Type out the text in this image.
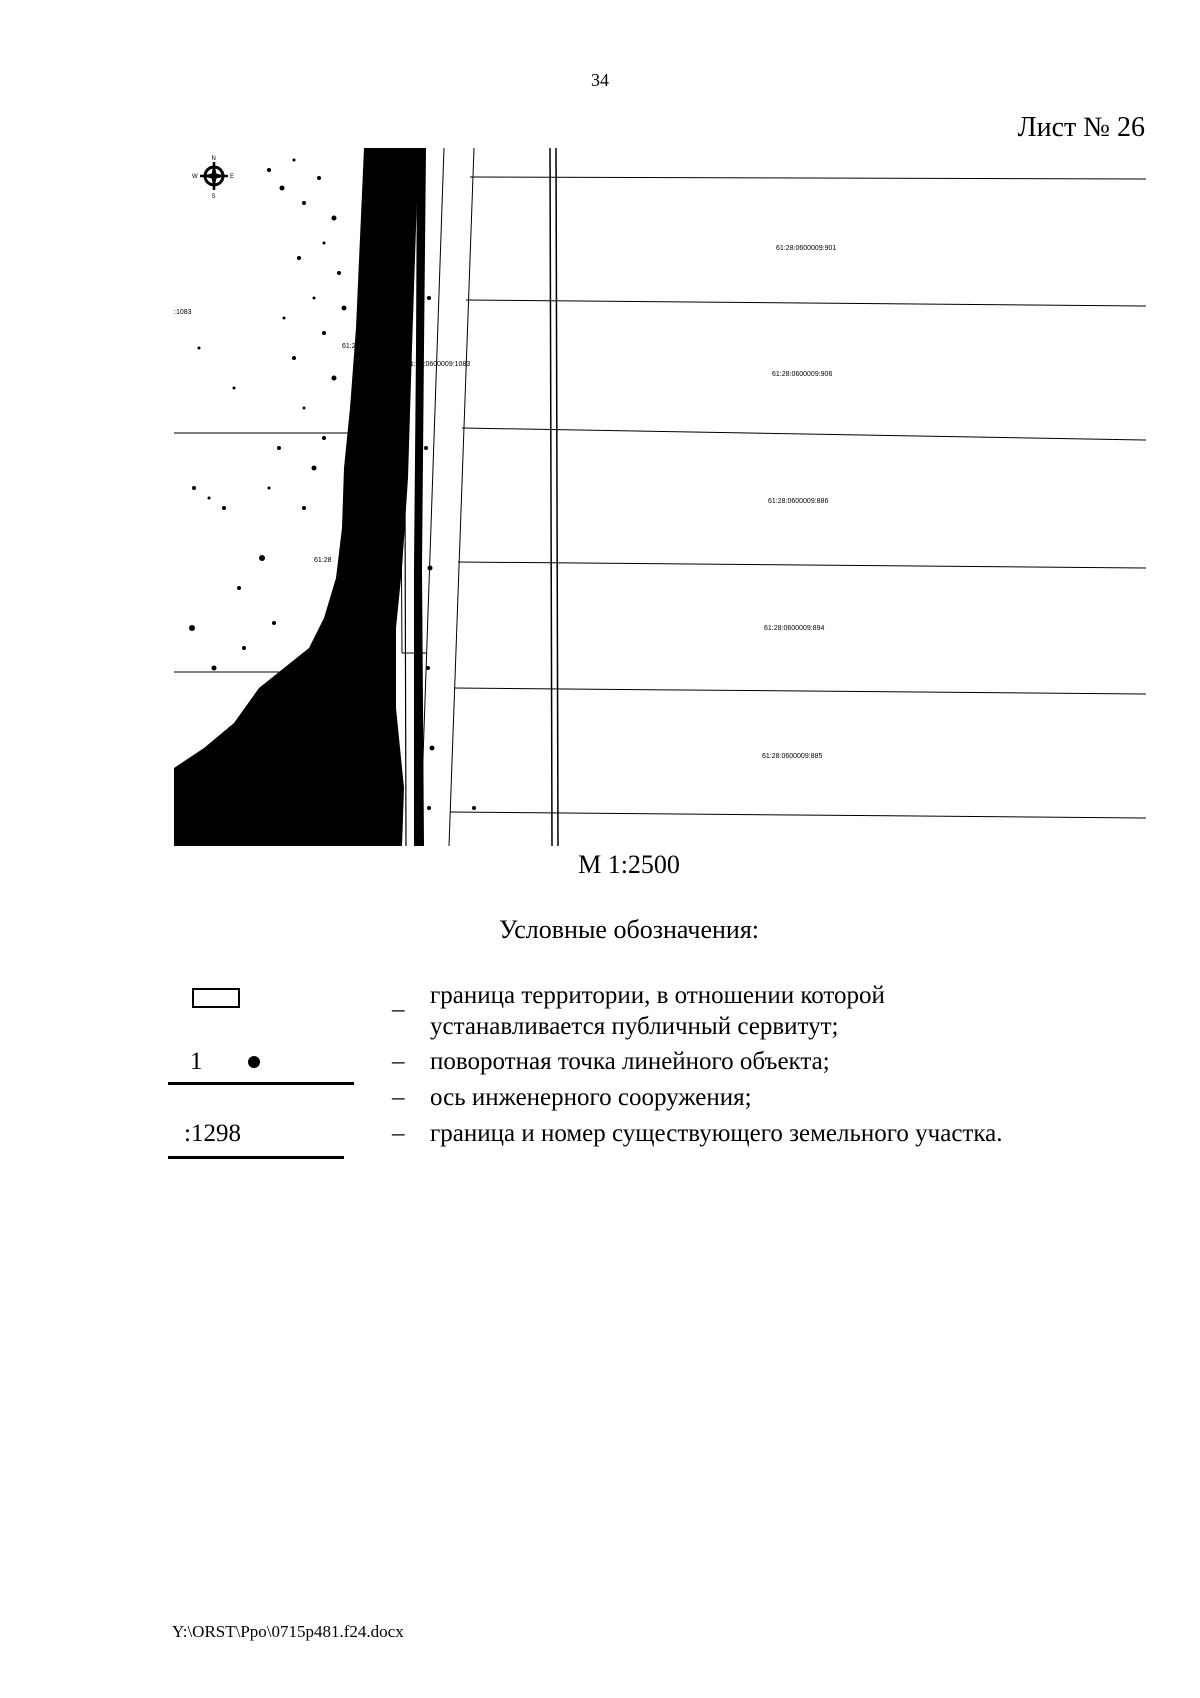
34
Лист № 26
N
W	E
S
:1083
61:28
61:28
61:28:0600009:1083
61:28:0600009:901
61:28:0600009:906
61:28:0600009:886
61:28:0600009:894
61:28:0600009:885
М 1:2500
Условные обозначения:
–
граница территории, в отношении которой
устанавливается публичный сервитут;
1	– поворотная точка линейного объекта;
– ось инженерного сооружения;
:1298	– граница и номер существующего земельного участка.
Y:\ORST\Ppo\0715p481.f24.docx
